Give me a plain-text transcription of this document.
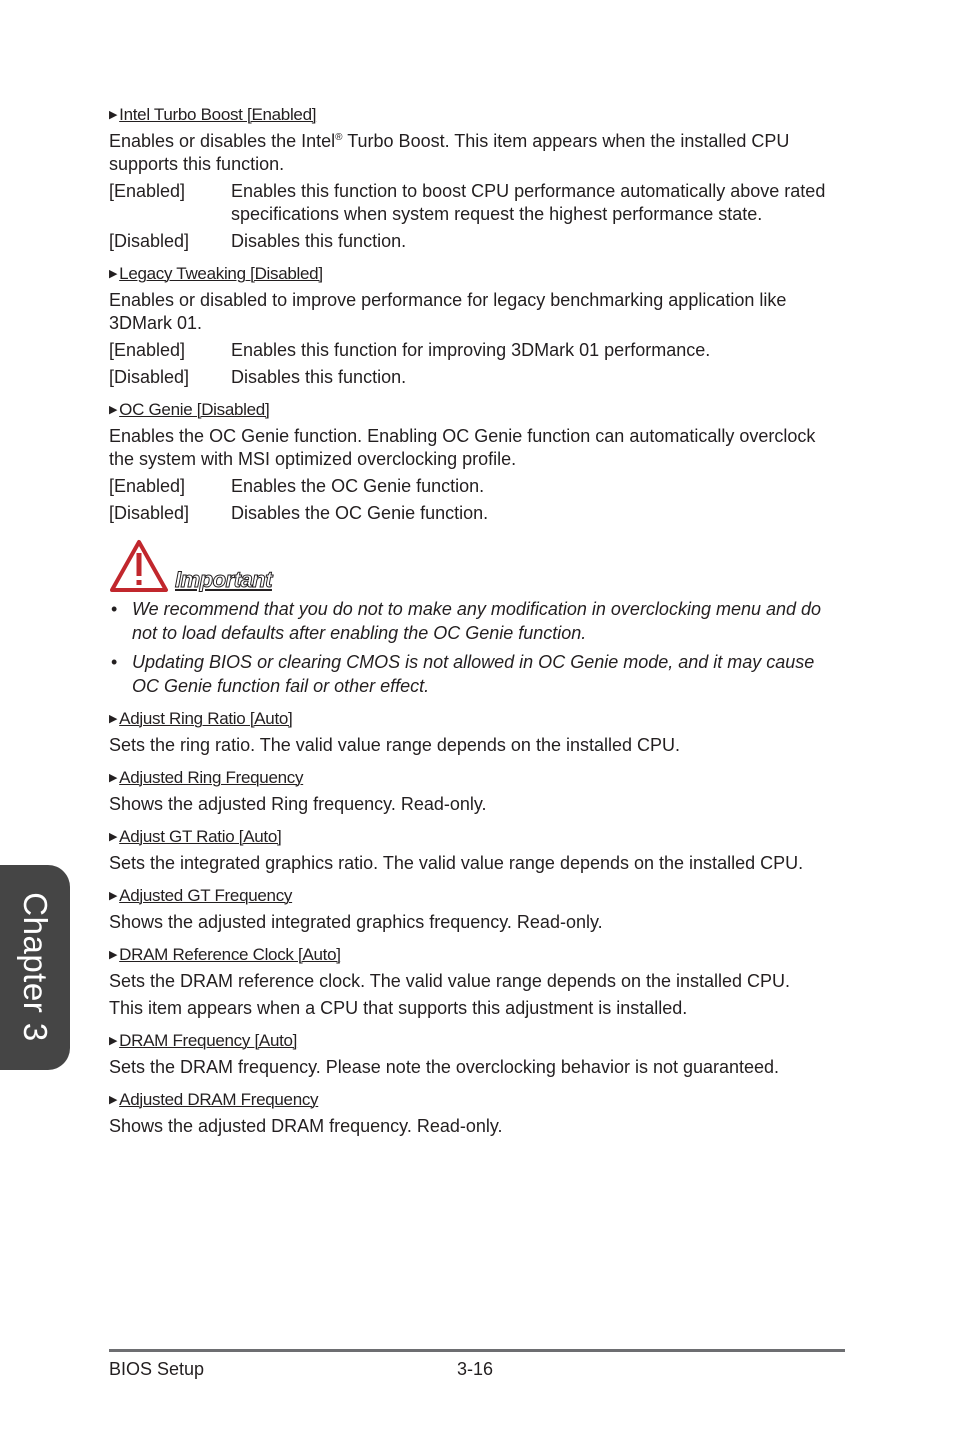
▶ Intel Turbo Boost [Enabled]

Enables or disables the Intel® Turbo Boost. This item appears when the installed CPU supports this function.

[Enabled]	Enables this function to boost CPU performance automatically above rated specifications when system request the highest performance state.
[Disabled]	Disables this function.
▶ Legacy Tweaking [Disabled]

Enables or disabled to improve performance for legacy benchmarking application like 3DMark 01.

[Enabled]	Enables this function for improving 3DMark 01 performance.
[Disabled]	Disables this function.
▶ OC Genie [Disabled]

Enables the OC Genie function. Enabling OC Genie function can automatically overclock the system with MSI optimized overclocking profile.

[Enabled]	Enables the OC Genie function.
[Disabled]	Disables the OC Genie function.
Important
• We recommend that you do not to make any modification in overclocking menu and do not to load defaults after enabling the OC Genie function.
• Updating BIOS or clearing CMOS is not allowed in OC Genie mode, and it may cause OC Genie function fail or other effect.
▶ Adjust Ring Ratio [Auto]

Sets the ring ratio. The valid value range depends on the installed CPU.

▶ Adjusted Ring Frequency

Shows the adjusted Ring frequency. Read-only.

▶ Adjust GT Ratio [Auto]

Sets the integrated graphics ratio. The valid value range depends on the installed CPU.

▶ Adjusted GT Frequency

Shows the adjusted integrated graphics frequency. Read-only.

▶ DRAM Reference Clock [Auto]

Sets the DRAM reference clock. The valid value range depends on the installed CPU.

This item appears when a CPU that supports this adjustment is installed.

▶ DRAM Frequency [Auto]

Sets the DRAM frequency. Please note the overclocking behavior is not guaranteed.

▶ Adjusted DRAM Frequency

Shows the adjusted DRAM frequency. Read-only.

Chapter 3
BIOS Setup	3-16
